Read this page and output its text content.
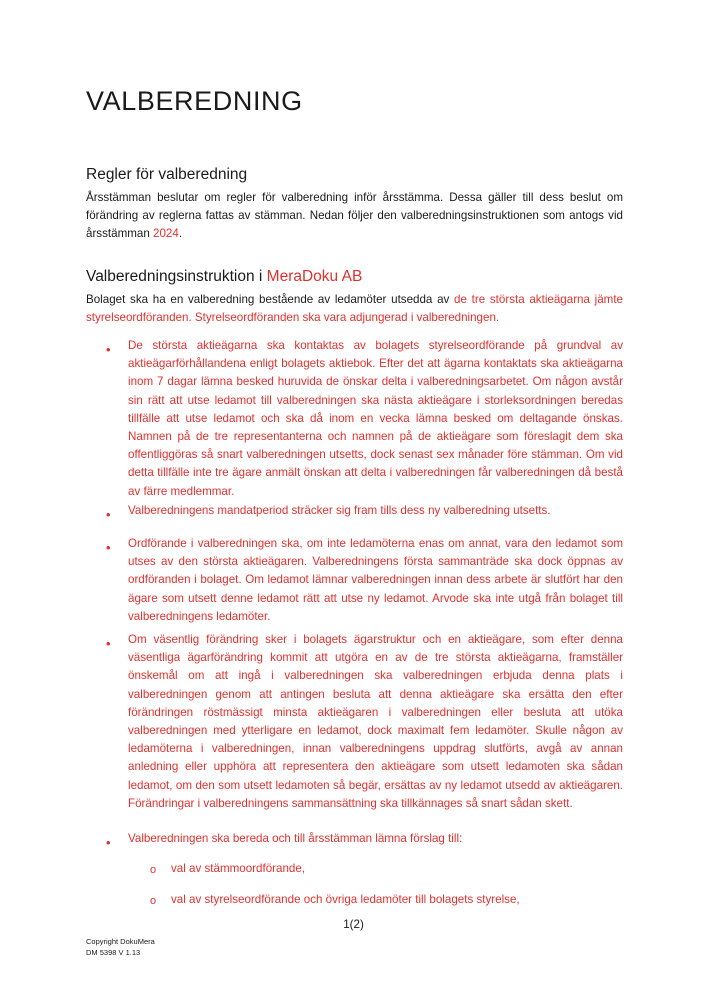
VALBEREDNING
Regler för valberedning

Årsstämman beslutar om regler för valberedning inför årsstämma. Dessa gäller till dess beslut om förändring av reglerna fattas av stämman. Nedan följer den valberedningsinstruktionen som antogs vid årsstämman 2024.

Valberedningsinstruktion i MeraDoku AB

Bolaget ska ha en valberedning bestående av ledamöter utsedda av de tre största aktieägarna jämte styrelseordföranden. Styrelseordföranden ska vara adjungerad i valberedningen.

• De största aktieägarna ska kontaktas av bolagets styrelseordförande på grundval av aktieägarförhållandena enligt bolagets aktiebok. Efter det att ägarna kontaktats ska aktieägarna inom 7 dagar lämna besked huruvida de önskar delta i valberedningsarbetet. Om någon avstår sin rätt att utse ledamot till valberedningen ska nästa aktieägare i storleksordningen beredas tillfälle att utse ledamot och ska då inom en vecka lämna besked om deltagande önskas. Namnen på de tre representanterna och namnen på de aktieägare som föreslagit dem ska offentliggöras så snart valberedningen utsetts, dock senast sex månader före stämman. Om vid detta tillfälle inte tre ägare anmält önskan att delta i valberedningen får valberedningen då bestå av färre medlemmar.

• Valberedningens mandatperiod sträcker sig fram tills dess ny valberedning utsetts.

• Ordförande i valberedningen ska, om inte ledamöterna enas om annat, vara den ledamot som utses av den största aktieägaren. Valberedningens första sammanträde ska dock öppnas av ordföranden i bolaget. Om ledamot lämnar valberedningen innan dess arbete är slutfört har den ägare som utsett denne ledamot rätt att utse ny ledamot. Arvode ska inte utgå från bolaget till valberedningens ledamöter.

• Om väsentlig förändring sker i bolagets ägarstruktur och en aktieägare, som efter denna väsentliga ägarförändring kommit att utgöra en av de tre största aktieägarna, framställer önskemål om att ingå i valberedningen ska valberedningen erbjuda denna plats i valberedningen genom att antingen besluta att denna aktieägare ska ersätta den efter förändringen röstmässigt minsta aktieägaren i valberedningen eller besluta att utöka valberedningen med ytterligare en ledamot, dock maximalt fem ledamöter. Skulle någon av ledamöterna i valberedningen, innan valberedningens uppdrag slutförts, avgå av annan anledning eller upphöra att representera den aktieägare som utsett ledamoten ska sådan ledamot, om den som utsett ledamoten så begär, ersättas av ny ledamot utsedd av aktieägaren. Förändringar i valberedningens sammansättning ska tillkännages så snart sådan skett.

• Valberedningen ska bereda och till årsstämman lämna förslag till:

o val av stämmoordförande,
o val av styrelseordförande och övriga ledamöter till bolagets styrelse,
1(2)
Copyright DokuMera
DM 5398 V 1.13
